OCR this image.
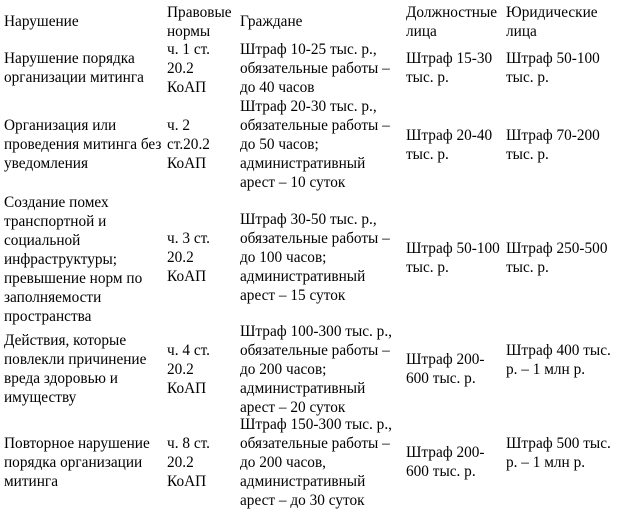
Нарушение

Правовые нормы

Граждане

Должностные лица

Юридические лица

Нарушение порядка организации митинга

ч. 1 ст. 20.2 КоАП

Штраф 10-25 тыс. р., обязательные работы – до 40 часов

Штраф 15-30 тыс. р.

Штраф 50-100 тыс. р.

Организация или проведения митинга без уведомления

ч. 2 ст.20.2 КоАП

Штраф 20-30 тыс. р., обязательные работы – до 50 часов; административный арест – 10 суток

Штраф 20-40 тыс. р.

Штраф 70-200 тыс. р.

Создание помех транспортной и социальной инфраструктуры; превышение норм по заполняемости пространства

ч. 3 ст. 20.2 КоАП

Штраф 30-50 тыс. р., обязательные работы – до 100 часов; административный арест – 15 суток

Штраф 50-100 тыс. р.

Штраф 250-500 тыс. р.

Действия, которые повлекли причинение вреда здоровью и имуществу

ч. 4 ст. 20.2 КоАП

Штраф 100-300 тыс. р., обязательные работы – до 200 часов; административный арест – 20 суток

Штраф 200-600 тыс. р.

Штраф 400 тыс. р. – 1 млн р.

Повторное нарушение порядка организации митинга

ч. 8 ст. 20.2 КоАП

Штраф 150-300 тыс. р., обязательные работы – до 200 часов, административный арест – до 30 суток

Штраф 200-600 тыс. р.

Штраф 500 тыс. р. – 1 млн р.
